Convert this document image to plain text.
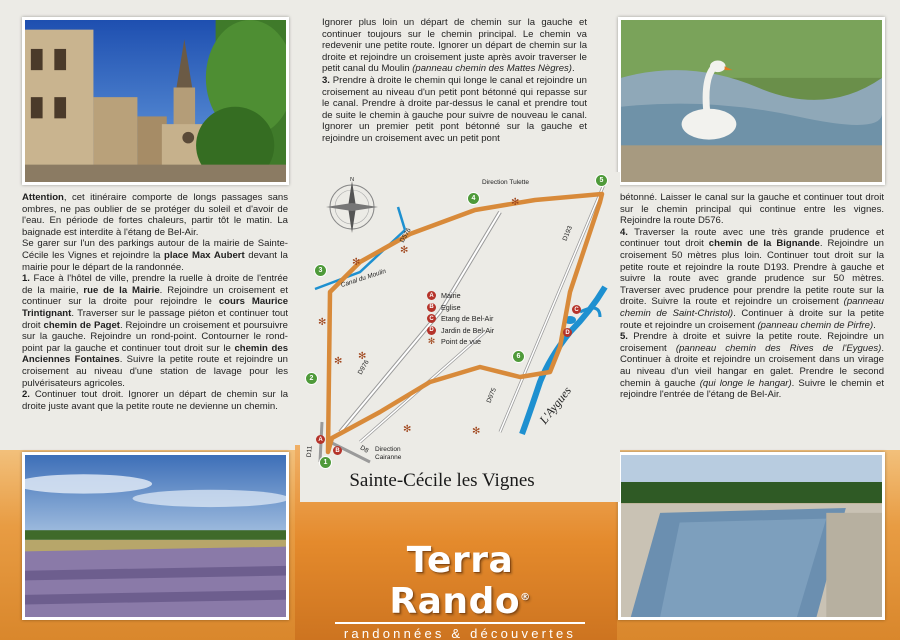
Attention, cet itinéraire comporte de longs passages sans ombres, ne pas oublier de se protéger du soleil et d'avoir de l'eau. En période de fortes chaleurs, partir tôt le matin. La baignade est interdite à l'étang de Bel-Air.

Se garer sur l'un des parkings autour de la mairie de Sainte-Cécile les Vignes et rejoindre la place Max Aubert devant la mairie pour le départ de la randonnée.

1. Face à l'hôtel de ville, prendre la ruelle à droite de l'entrée de la mairie, rue de la Mairie. Rejoindre un croisement et continuer sur la droite pour rejoindre le cours Maurice Trintignant. Traverser sur le passage piéton et continuer tout droit chemin de Paget. Rejoindre un croisement et poursuivre sur la gauche. Rejoindre un rond-point. Contourner le rond-point par la gauche et continuer tout droit sur le chemin des Anciennes Fontaines. Suivre la petite route et rejoindre un croisement au niveau d'une station de lavage pour les pulvérisateurs agricoles.

2. Continuer tout droit. Ignorer un départ de chemin sur la droite juste avant que la petite route ne devienne un chemin.

Ignorer plus loin un départ de chemin sur la gauche et continuer toujours sur le chemin principal. Le chemin va redevenir une petite route. Ignorer un départ de chemin sur la droite et rejoindre un croisement juste après avoir traverser le petit canal du Moulin (panneau chemin des Mattes Nègres).

3. Prendre à droite le chemin qui longe le canal et rejoindre un croisement au niveau d'un petit pont bétonné qui repasse sur le canal. Prendre à droite par-dessus le canal et prendre tout de suite le chemin à gauche pour suivre de nouveau le canal. Ignorer un premier petit pont bétonné sur la gauche et rejoindre un croisement avec un petit pont

bétonné. Laisser le canal sur la gauche et continuer tout droit sur le chemin principal qui continue entre les vignes. Rejoindre la route D576.

4. Traverser la route avec une très grande prudence et continuer tout droit chemin de la Bignande. Rejoindre un croisement 50 mètres plus loin. Continuer tout droit sur la petite route et rejoindre la route D193. Prendre à gauche et suivre la route avec grande prudence sur 50 mètres. Traverser avec prudence pour prendre la petite route sur la droite. Suivre la route et rejoindre un croisement (panneau chemin de Saint-Christol). Continuer à droite sur la petite route et rejoindre un croisement (panneau chemin de Pirfre).

5. Prendre à droite et suivre la petite route. Rejoindre un croisement (panneau chemin des Rives de l'Eygues). Continuer à droite et rejoindre un croisement dans un virage au niveau d'un vieil hangar en galet. Prendre le second chemin à gauche (qui longe le hangar). Suivre le chemin et rejoindre l'entrée de l'étang de Bel-Air.

N	Direction Tulette
Direction Cairanne
Canal du Moulin
L'Aygues
D576	D193
D976
D8
D975
D11
1
2
3
4
5
6
A
B
C
D
✻
✻
✻
✻
✻ ✻
✻	✻
A	Mairie
B	Eglise
C	Etang de Bel-Air
D	Jardin de Bel-Air
✻ Point de vue
Sainte-Cécile les Vignes
Terra Rando®
randonnées & découvertes
